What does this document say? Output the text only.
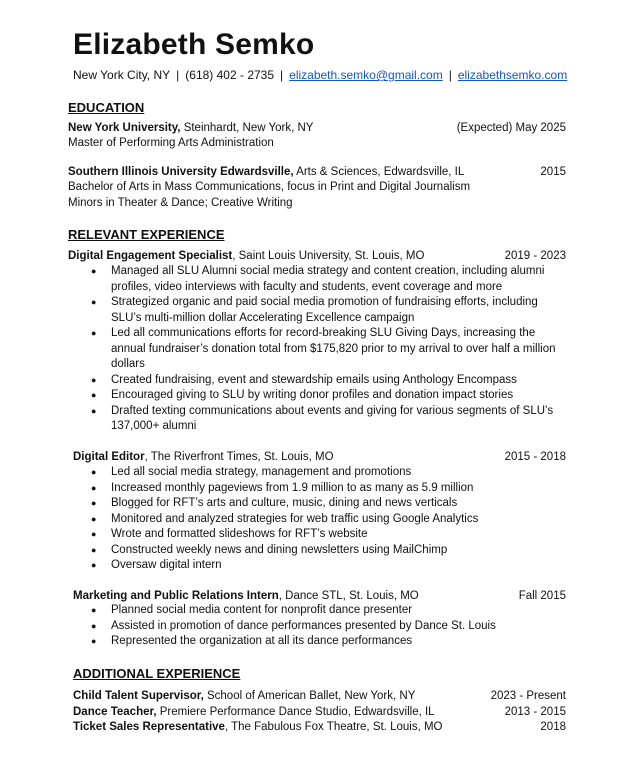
Elizabeth Semko
New York City, NY | (618) 402 - 2735 | elizabeth.semko@gmail.com | elizabethsemko.com
EDUCATION
New York University, Steinhardt, New York, NY	(Expected) May 2025
Master of Performing Arts Administration
Southern Illinois University Edwardsville, Arts & Sciences, Edwardsville, IL	2015
Bachelor of Arts in Mass Communications, focus in Print and Digital Journalism
Minors in Theater & Dance; Creative Writing
RELEVANT EXPERIENCE
Digital Engagement Specialist, Saint Louis University, St. Louis, MO	2019 - 2023
● Managed all SLU Alumni social media strategy and content creation, including alumni profiles, video interviews with faculty and students, event coverage and more
● Strategized organic and paid social media promotion of fundraising efforts, including SLU’s multi-million dollar Accelerating Excellence campaign
● Led all communications efforts for record-breaking SLU Giving Days, increasing the annual fundraiser’s donation total from $175,820 prior to my arrival to over half a million dollars
● Created fundraising, event and stewardship emails using Anthology Encompass
● Encouraged giving to SLU by writing donor profiles and donation impact stories
● Drafted texting communications about events and giving for various segments of SLU’s 137,000+ alumni
Digital Editor, The Riverfront Times, St. Louis, MO	2015 - 2018
● Led all social media strategy, management and promotions
● Increased monthly pageviews from 1.9 million to as many as 5.9 million
● Blogged for RFT’s arts and culture, music, dining and news verticals
● Monitored and analyzed strategies for web traffic using Google Analytics
● Wrote and formatted slideshows for RFT’s website
● Constructed weekly news and dining newsletters using MailChimp
● Oversaw digital intern
Marketing and Public Relations Intern, Dance STL, St. Louis, MO	Fall 2015
● Planned social media content for nonprofit dance presenter
● Assisted in promotion of dance performances presented by Dance St. Louis
● Represented the organization at all its dance performances
ADDITIONAL EXPERIENCE
Child Talent Supervisor, School of American Ballet, New York, NY	2023 - Present
Dance Teacher, Premiere Performance Dance Studio, Edwardsville, IL	2013 - 2015
Ticket Sales Representative, The Fabulous Fox Theatre, St. Louis, MO	2018
